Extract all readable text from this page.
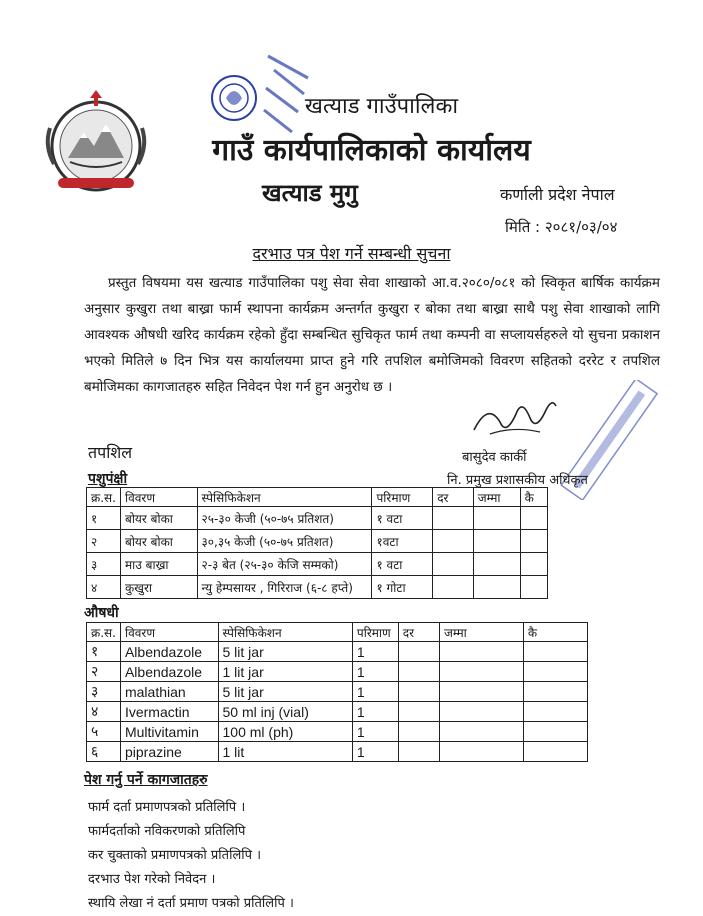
खत्याड गाउँपालिका
गाउँ कार्यपालिकाको कार्यालय
खत्याड मुगु	कर्णाली प्रदेश नेपाल
मिति : २०८१/०३/०४
दरभाउ पत्र पेश गर्ने सम्बन्धी सुचना
प्रस्तुत विषयमा यस खत्याड गाउँपालिका पशु सेवा सेवा शाखाको आ.व.२०८०/०८१ को स्विकृत बार्षिक कार्यक्रम अनुसार कुखुरा तथा बाख्रा फार्म स्थापना कार्यक्रम अन्तर्गत कुखुरा र बोका तथा बाख्रा साथै पशु सेवा शाखाको लागि आवश्यक औषधी खरिद कार्यक्रम रहेको हुँदा सम्बन्धित सुचिकृत फार्म तथा कम्पनी वा सप्लायर्सहरुले यो सुचना प्रकाशन भएको मितिले ७ दिन भित्र यस कार्यालयमा प्राप्त हुने गरि तपशिल बमोजिमको विवरण सहितको दररेट र तपशिल बमोजिमका कागजातहरु सहित निवेदन पेश गर्न हुन अनुरोध छ ।
बासुदेव कार्की
नि. प्रमुख प्रशासकीय अधिकृत
तपशिल
पशुपंक्षी
क्र.स.	विवरण	स्पेसिफिकेशन	परिमाण	दर	जम्मा	कै
१	बोयर बोका	२५-३० केजी (५०-७५ प्रतिशत)	१ वटा			
२	बोयर बोका	३०,३५ केजी (५०-७५ प्रतिशत)	१वटा			
३	माउ बाख्रा	२-३ बेत (२५-३० केजि सम्मको)	१ वटा			
४	कुखुरा	न्यु हेम्पसायर , गिरिराज (६-८ हप्ते)	१ गोटा			
औषधी
क्र.स.	विवरण	स्पेसिफिकेशन	परिमाण	दर	जम्मा	कै
१	Albendazole	5 lit jar	1			
२	Albendazole	1 lit jar	1			
३	malathian	5 lit jar	1			
४	Ivermactin	50 ml inj (vial)	1			
५	Multivitamin	100 ml (ph)	1			
६	piprazine	1 lit	1			
पेश गर्नु पर्ने कागजातहरु
फार्म दर्ता प्रमाणपत्रको प्रतिलिपि ।
फार्मदर्ताको नविकरणको प्रतिलिपि
कर चुक्ताको प्रमाणपत्रको प्रतिलिपि ।
दरभाउ पेश गरेको निवेदन ।
स्थायि लेखा नं दर्ता प्रमाण पत्रको प्रतिलिपि ।
